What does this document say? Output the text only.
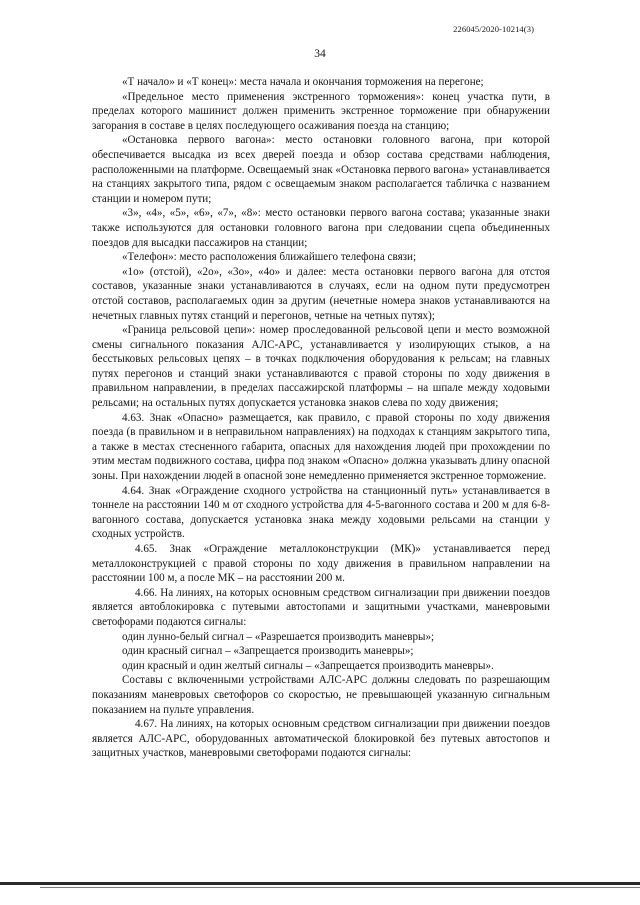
226045/2020-10214(3)
34

«Т начало» и «Т конец»: места начала и окончания торможения на перегоне;

«Предельное место применения экстренного торможения»: конец участка пути, в пределах которого машинист должен применить экстренное торможение при обнаружении загорания в составе в целях последующего осаживания поезда на станцию;

«Остановка первого вагона»: место остановки головного вагона, при которой обеспечивается высадка из всех дверей поезда и обзор состава средствами наблюдения, расположенными на платформе. Освещаемый знак «Остановка первого вагона» устанавливается на станциях закрытого типа, рядом с освещаемым знаком располагается табличка с названием станции и номером пути;

«3», «4», «5», «6», «7», «8»: место остановки первого вагона состава; указанные знаки также используются для остановки головного вагона при следовании сцепа объединенных поездов для высадки пассажиров на станции;

«Телефон»: место расположения ближайшего телефона связи;

«1о» (отстой), «2о», «3о», «4о» и далее: места остановки первого вагона для отстоя составов, указанные знаки устанавливаются в случаях, если на одном пути предусмотрен отстой составов, располагаемых один за другим (нечетные номера знаков устанавливаются на нечетных главных путях станций и перегонов, четные на четных путях);

«Граница рельсовой цепи»: номер проследованной рельсовой цепи и место возможной смены сигнального показания АЛС-АРС, устанавливается у изолирующих стыков, а на бесстыковых рельсовых цепях – в точках подключения оборудования к рельсам; на главных путях перегонов и станций знаки устанавливаются с правой стороны по ходу движения в правильном направлении, в пределах пассажирской платформы – на шпале между ходовыми рельсами; на остальных путях допускается установка знаков слева по ходу движения;

4.63. Знак «Опасно» размещается, как правило, с правой стороны по ходу движения поезда (в правильном и в неправильном направлениях) на подходах к станциям закрытого типа, а также в местах стесненного габарита, опасных для нахождения людей при прохождении по этим местам подвижного состава, цифра под знаком «Опасно» должна указывать длину опасной зоны. При нахождении людей в опасной зоне немедленно применяется экстренное торможение.

4.64. Знак «Ограждение сходного устройства на станционный путь» устанавливается в тоннеле на расстоянии 140 м от сходного устройства для 4-5-вагонного состава и 200 м для 6-8-вагонного состава, допускается установка знака между ходовыми рельсами на станции у сходных устройств.

4.65. Знак «Ограждение металлоконструкции (МК)» устанавливается перед металлоконструкцией с правой стороны по ходу движения в правильном направлении на расстоянии 100 м, а после МК – на расстоянии 200 м.

4.66. На линиях, на которых основным средством сигнализации при движении поездов является автоблокировка с путевыми автостопами и защитными участками, маневровыми светофорами подаются сигналы:

один лунно-белый сигнал – «Разрешается производить маневры»;

один красный сигнал – «Запрещается производить маневры»;

один красный и один желтый сигналы – «Запрещается производить маневры».

Составы с включенными устройствами АЛС-АРС должны следовать по разрешающим показаниям маневровых светофоров со скоростью, не превышающей указанную сигнальным показанием на пульте управления.

4.67. На линиях, на которых основным средством сигнализации при движении поездов является АЛС-АРС, оборудованных автоматической блокировкой без путевых автостопов и защитных участков, маневровыми светофорами подаются сигналы:
